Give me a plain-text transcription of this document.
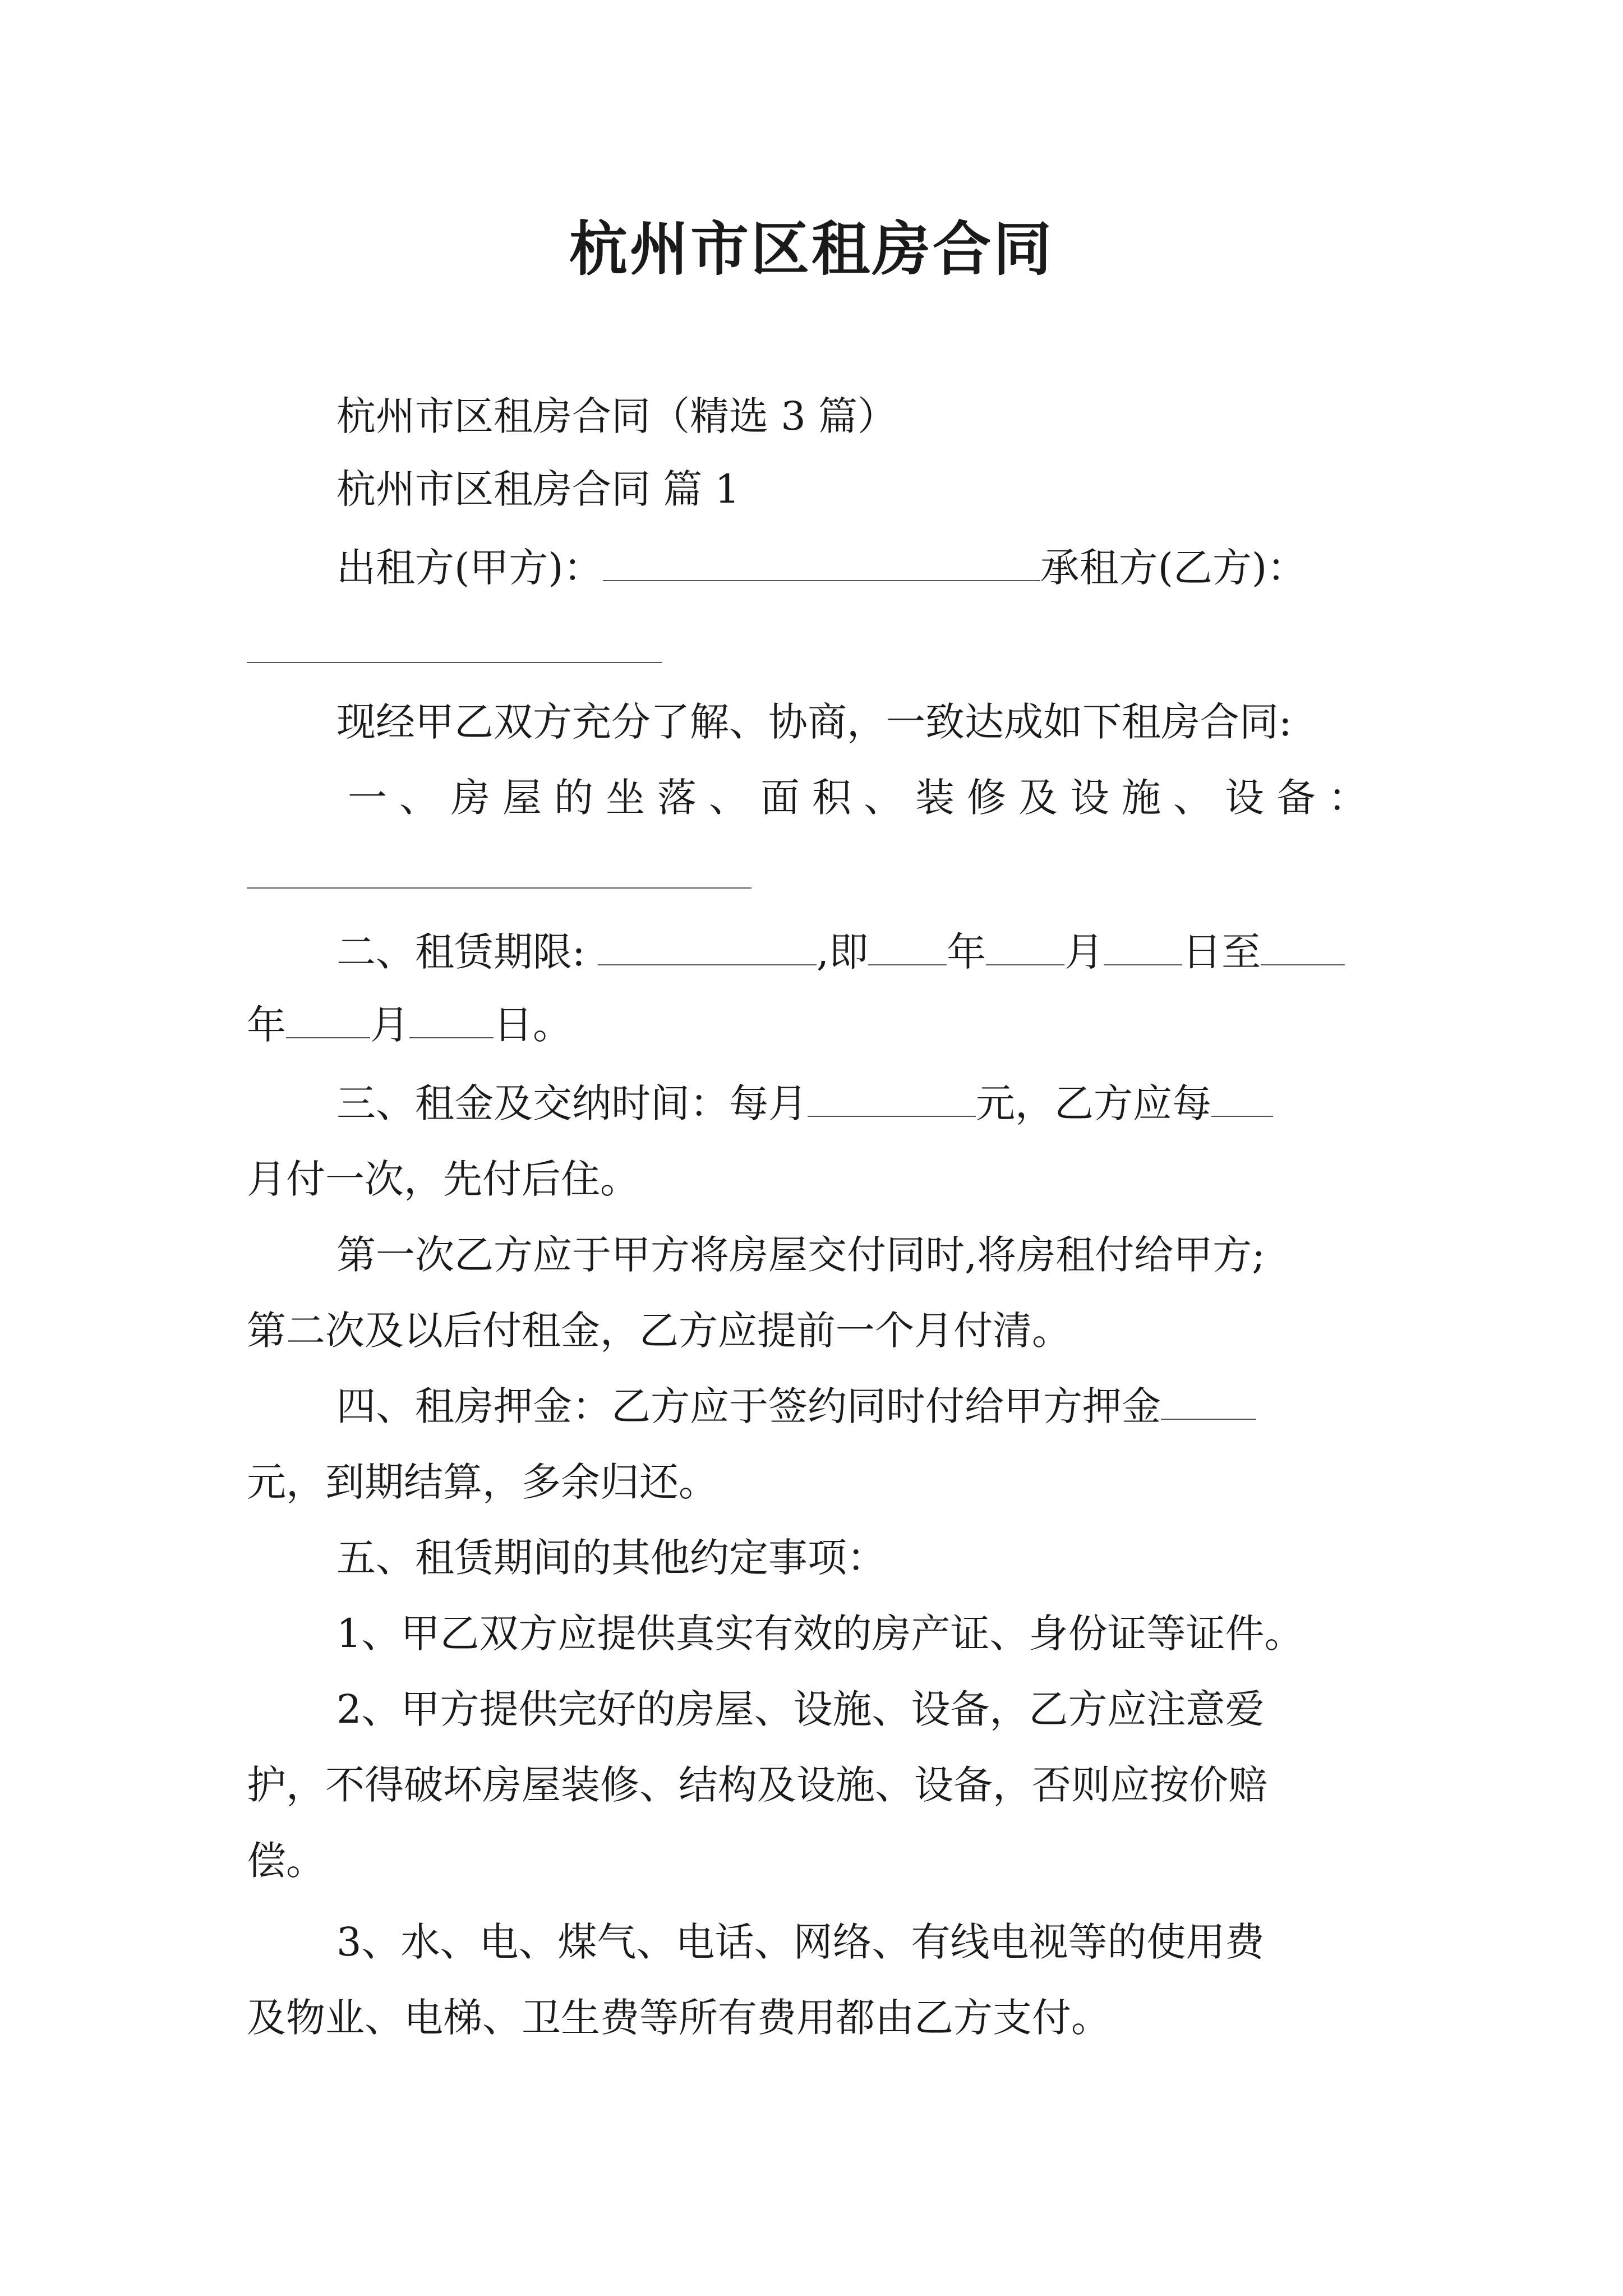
杭州市区租房合同
杭州市区租房合同（精选 3 篇）
杭州市区租房合同 篇 1
出租方(甲方)：	承租方(乙方)：
现经甲乙双方充分了解、协商，一致达成如下租房合同:
一、房屋的坐落、面积、装修及设施、设备：
二、租赁期限:	,即 年 月 日至
年 月 日。
三、租金及交纳时间：每月	元，乙方应每
月付一次，先付后住。
第一次乙方应于甲方将房屋交付同时,将房租付给甲方;
第二次及以后付租金，乙方应提前一个月付清。
四、租房押金：乙方应于签约同时付给甲方押金
元，到期结算，多余归还。
五、租赁期间的其他约定事项：
1、甲乙双方应提供真实有效的房产证、身份证等证件。
2、甲方提供完好的房屋、设施、设备，乙方应注意爱
护，不得破坏房屋装修、结构及设施、设备，否则应按价赔
偿。
3、水、电、煤气、电话、网络、有线电视等的使用费
及物业、电梯、卫生费等所有费用都由乙方支付。
